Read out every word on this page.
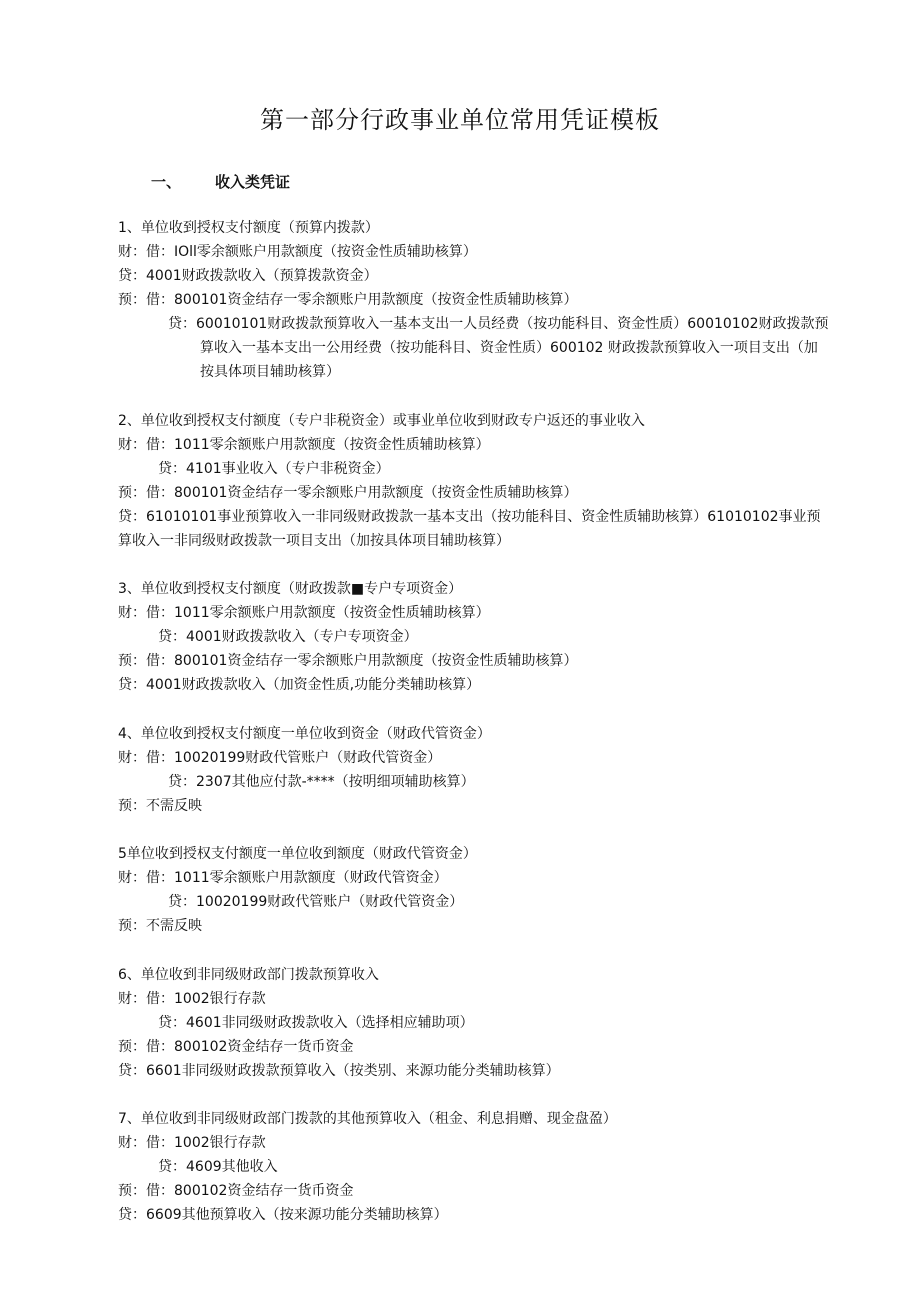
第一部分行政事业单位常用凭证模板
一、 收入类凭证
1、单位收到授权支付额度（预算内拨款）
财：借：IOll零余额账户用款额度（按资金性质辅助核算）
贷：4001财政拨款收入（预算拨款资金）
预：借：800101资金结存一零余额账户用款额度（按资金性质辅助核算）
贷：60010101财政拨款预算收入一基本支出一人员经费（按功能科目、资金性质）60010102财政拨款预
算收入一基本支出一公用经费（按功能科目、资金性质）600102 财政拨款预算收入一项目支出（加
按具体项目辅助核算）
2、单位收到授权支付额度（专户非税资金）或事业单位收到财政专户返还的事业收入
财：借：1011零余额账户用款额度（按资金性质辅助核算）
贷：4101事业收入（专户非税资金）
预：借：800101资金结存一零余额账户用款额度（按资金性质辅助核算）
贷：61010101事业预算收入一非同级财政拨款一基本支出（按功能科目、资金性质辅助核算）61010102事业预
算收入一非同级财政拨款一项目支出（加按具体项目辅助核算）
3、单位收到授权支付额度（财政拨款■专户专项资金）
财：借：1011零余额账户用款额度（按资金性质辅助核算）
贷：4001财政拨款收入（专户专项资金）
预：借：800101资金结存一零余额账户用款额度（按资金性质辅助核算）
贷：4001财政拨款收入（加资金性质,功能分类辅助核算）
4、单位收到授权支付额度一单位收到资金（财政代管资金）
财：借：10020199财政代管账户（财政代管资金）
贷：2307其他应付款-****（按明细项辅助核算）
预：不需反映
5单位收到授权支付额度一单位收到额度（财政代管资金）
财：借：1011零余额账户用款额度（财政代管资金）
贷：10020199财政代管账户（财政代管资金）
预：不需反映
6、单位收到非同级财政部门拨款预算收入
财：借：1002银行存款
贷：4601非同级财政拨款收入（选择相应辅助项）
预：借：800102资金结存一货币资金
贷：6601非同级财政拨款预算收入（按类别、来源功能分类辅助核算）
7、单位收到非同级财政部门拨款的其他预算收入（租金、利息捐赠、现金盘盈）
财：借：1002银行存款
贷：4609其他收入
预：借：800102资金结存一货币资金
贷：6609其他预算收入（按来源功能分类辅助核算）
